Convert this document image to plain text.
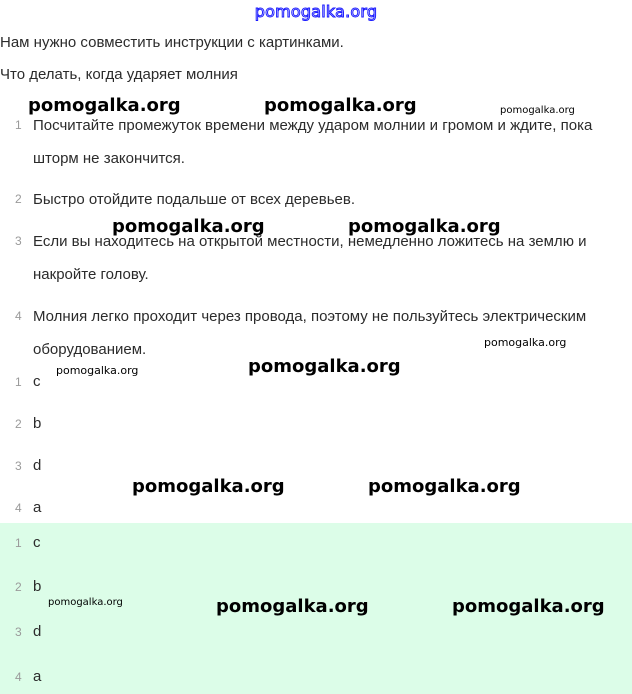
pomogalka.org
Нам нужно совместить инструкции с картинками.
Что делать, когда ударяет молния
1 Посчитайте промежуток времени между ударом молнии и громом и ждите, пока шторм не закончится.
2 Быстро отойдите подальше от всех деревьев.
3 Если вы находитесь на открытой местности, немедленно ложитесь на землю и накройте голову.
4 Молния легко проходит через провода, поэтому не пользуйтесь электрическим оборудованием.
1 c
2 b
3 d
4 a
1 c
2 b
3 d
4 a
pomogalka.org	pomogalka.org	pomogalka.org
pomogalka.org	pomogalka.org
pomogalka.org
pomogalka.org	pomogalka.org
pomogalka.org	pomogalka.org
pomogalka.org	pomogalka.org	pomogalka.org
